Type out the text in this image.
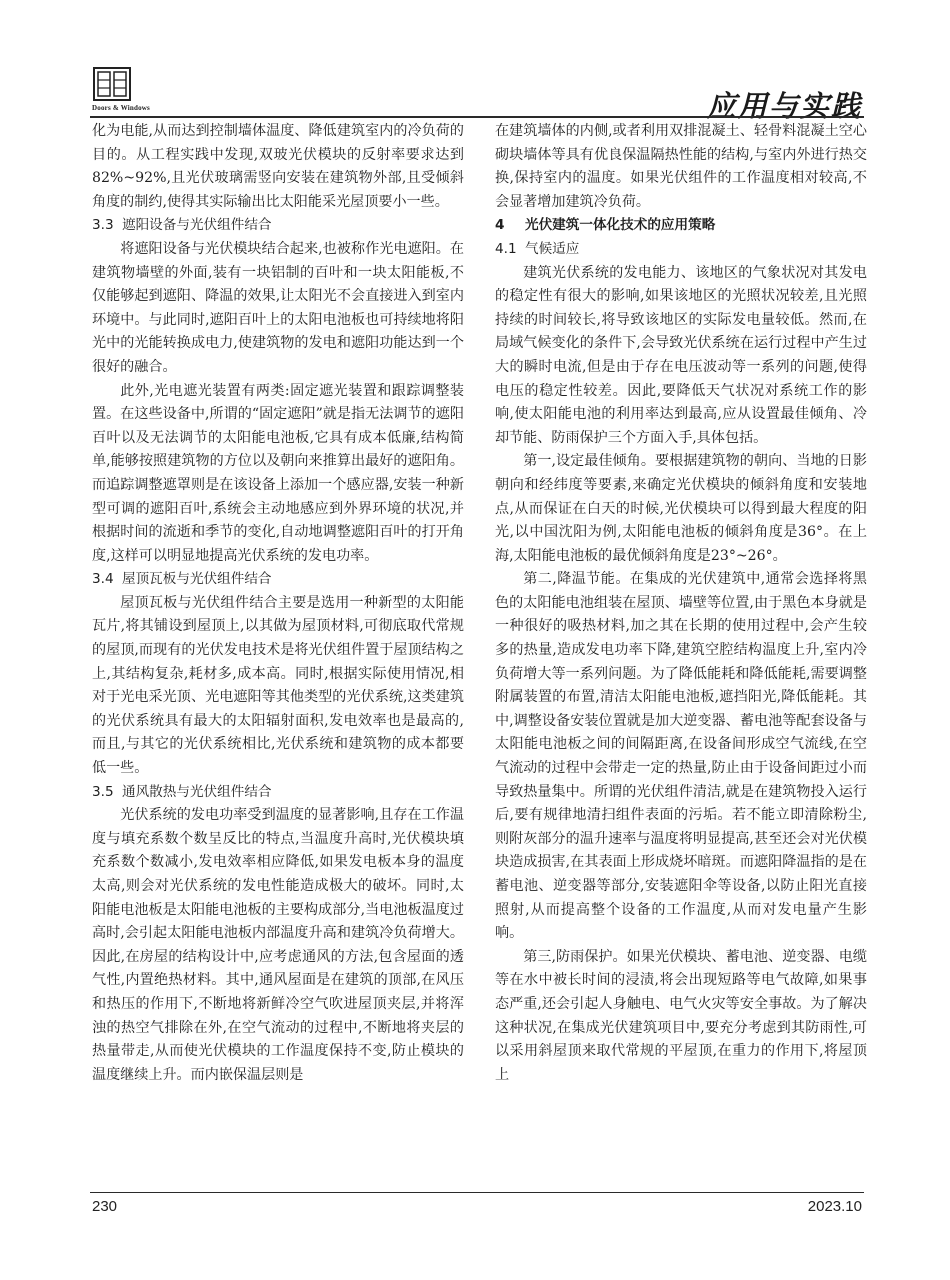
Doors & Windows	应用与实践

化为电能,从而达到控制墙体温度、降低建筑室内的冷负荷的目的。从工程实践中发现,双玻光伏模块的反射率要求达到82%~92%,且光伏玻璃需竖向安装在建筑物外部,且受倾斜角度的制约,使得其实际输出比太阳能采光屋顶要小一些。

3.3 遮阳设备与光伏组件结合

将遮阳设备与光伏模块结合起来,也被称作光电遮阳。在建筑物墙壁的外面,装有一块铝制的百叶和一块太阳能板,不仅能够起到遮阳、降温的效果,让太阳光不会直接进入到室内环境中。与此同时,遮阳百叶上的太阳电池板也可持续地将阳光中的光能转换成电力,使建筑物的发电和遮阳功能达到一个很好的融合。

此外,光电遮光装置有两类:固定遮光装置和跟踪调整装置。在这些设备中,所谓的“固定遮阳”就是指无法调节的遮阳百叶以及无法调节的太阳能电池板,它具有成本低廉,结构简单,能够按照建筑物的方位以及朝向来推算出最好的遮阳角。而追踪调整遮罩则是在该设备上添加一个感应器,安装一种新型可调的遮阳百叶,系统会主动地感应到外界环境的状况,并根据时间的流逝和季节的变化,自动地调整遮阳百叶的打开角度,这样可以明显地提高光伏系统的发电功率。

3.4 屋顶瓦板与光伏组件结合

屋顶瓦板与光伏组件结合主要是选用一种新型的太阳能瓦片,将其铺设到屋顶上,以其做为屋顶材料,可彻底取代常规的屋顶,而现有的光伏发电技术是将光伏组件置于屋顶结构之上,其结构复杂,耗材多,成本高。同时,根据实际使用情况,相对于光电采光顶、光电遮阳等其他类型的光伏系统,这类建筑的光伏系统具有最大的太阳辐射面积,发电效率也是最高的,而且,与其它的光伏系统相比,光伏系统和建筑物的成本都要低一些。

3.5 通风散热与光伏组件结合

光伏系统的发电功率受到温度的显著影响,且存在工作温度与填充系数个数呈反比的特点,当温度升高时,光伏模块填充系数个数减小,发电效率相应降低,如果发电板本身的温度太高,则会对光伏系统的发电性能造成极大的破坏。同时,太阳能电池板是太阳能电池板的主要构成部分,当电池板温度过高时,会引起太阳能电池板内部温度升高和建筑冷负荷增大。因此,在房屋的结构设计中,应考虑通风的方法,包含屋面的透气性,内置绝热材料。其中,通风屋面是在建筑的顶部,在风压和热压的作用下,不断地将新鲜冷空气吹进屋顶夹层,并将浑浊的热空气排除在外,在空气流动的过程中,不断地将夹层的热量带走,从而使光伏模块的工作温度保持不变,防止模块的温度继续上升。而内嵌保温层则是

在建筑墙体的内侧,或者利用双排混凝土、轻骨料混凝土空心砌块墙体等具有优良保温隔热性能的结构,与室内外进行热交换,保持室内的温度。如果光伏组件的工作温度相对较高,不会显著增加建筑冷负荷。

4 光伏建筑一体化技术的应用策略
4.1 气候适应

建筑光伏系统的发电能力、该地区的气象状况对其发电的稳定性有很大的影响,如果该地区的光照状况较差,且光照持续的时间较长,将导致该地区的实际发电量较低。然而,在局域气候变化的条件下,会导致光伏系统在运行过程中产生过大的瞬时电流,但是由于存在电压波动等一系列的问题,使得电压的稳定性较差。因此,要降低天气状况对系统工作的影响,使太阳能电池的利用率达到最高,应从设置最佳倾角、冷却节能、防雨保护三个方面入手,具体包括。

第一,设定最佳倾角。要根据建筑物的朝向、当地的日影朝向和经纬度等要素,来确定光伏模块的倾斜角度和安装地点,从而保证在白天的时候,光伏模块可以得到最大程度的阳光,以中国沈阳为例,太阳能电池板的倾斜角度是36°。在上海,太阳能电池板的最优倾斜角度是23°~26°。

第二,降温节能。在集成的光伏建筑中,通常会选择将黑色的太阳能电池组装在屋顶、墙壁等位置,由于黑色本身就是一种很好的吸热材料,加之其在长期的使用过程中,会产生较多的热量,造成发电功率下降,建筑空腔结构温度上升,室内冷负荷增大等一系列问题。为了降低能耗和降低能耗,需要调整附属装置的布置,清洁太阳能电池板,遮挡阳光,降低能耗。其中,调整设备安装位置就是加大逆变器、蓄电池等配套设备与太阳能电池板之间的间隔距离,在设备间形成空气流线,在空气流动的过程中会带走一定的热量,防止由于设备间距过小而导致热量集中。所谓的光伏组件清洁,就是在建筑物投入运行后,要有规律地清扫组件表面的污垢。若不能立即清除粉尘,则附灰部分的温升速率与温度将明显提高,甚至还会对光伏模块造成损害,在其表面上形成烧坏暗斑。而遮阳降温指的是在蓄电池、逆变器等部分,安装遮阳伞等设备,以防止阳光直接照射,从而提高整个设备的工作温度,从而对发电量产生影响。

第三,防雨保护。如果光伏模块、蓄电池、逆变器、电缆等在水中被长时间的浸渍,将会出现短路等电气故障,如果事态严重,还会引起人身触电、电气火灾等安全事故。为了解决这种状况,在集成光伏建筑项目中,要充分考虑到其防雨性,可以采用斜屋顶来取代常规的平屋顶,在重力的作用下,将屋顶上

230	2023.10
